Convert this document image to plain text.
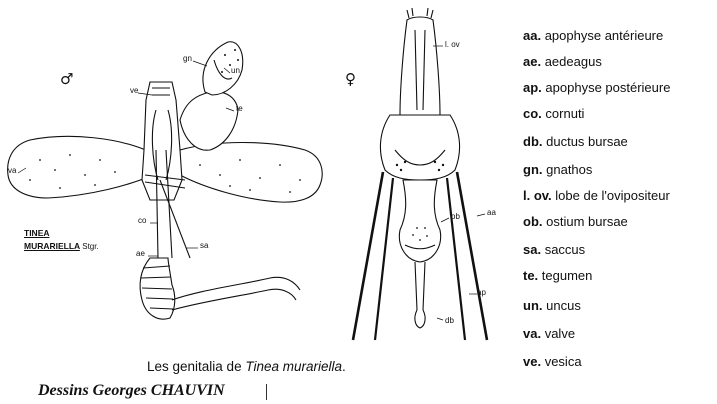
♂
va
ve
gn
un
te
co
sa
ae
TINEA
MURARIELLA Stgr.
♀
l. ov
ob	aa
ap
db
aa. apophyse antérieure
ae. aedeagus
ap. apophyse postérieure
co. cornuti
db. ductus bursae
gn. gnathos
l. ov. lobe de l'ovipositeur
ob. ostium bursae
sa. saccus
te. tegumen
un. uncus
va. valve
ve. vesica
Les genitalia de Tinea murariella.
Dessins Georges CHAUVIN
